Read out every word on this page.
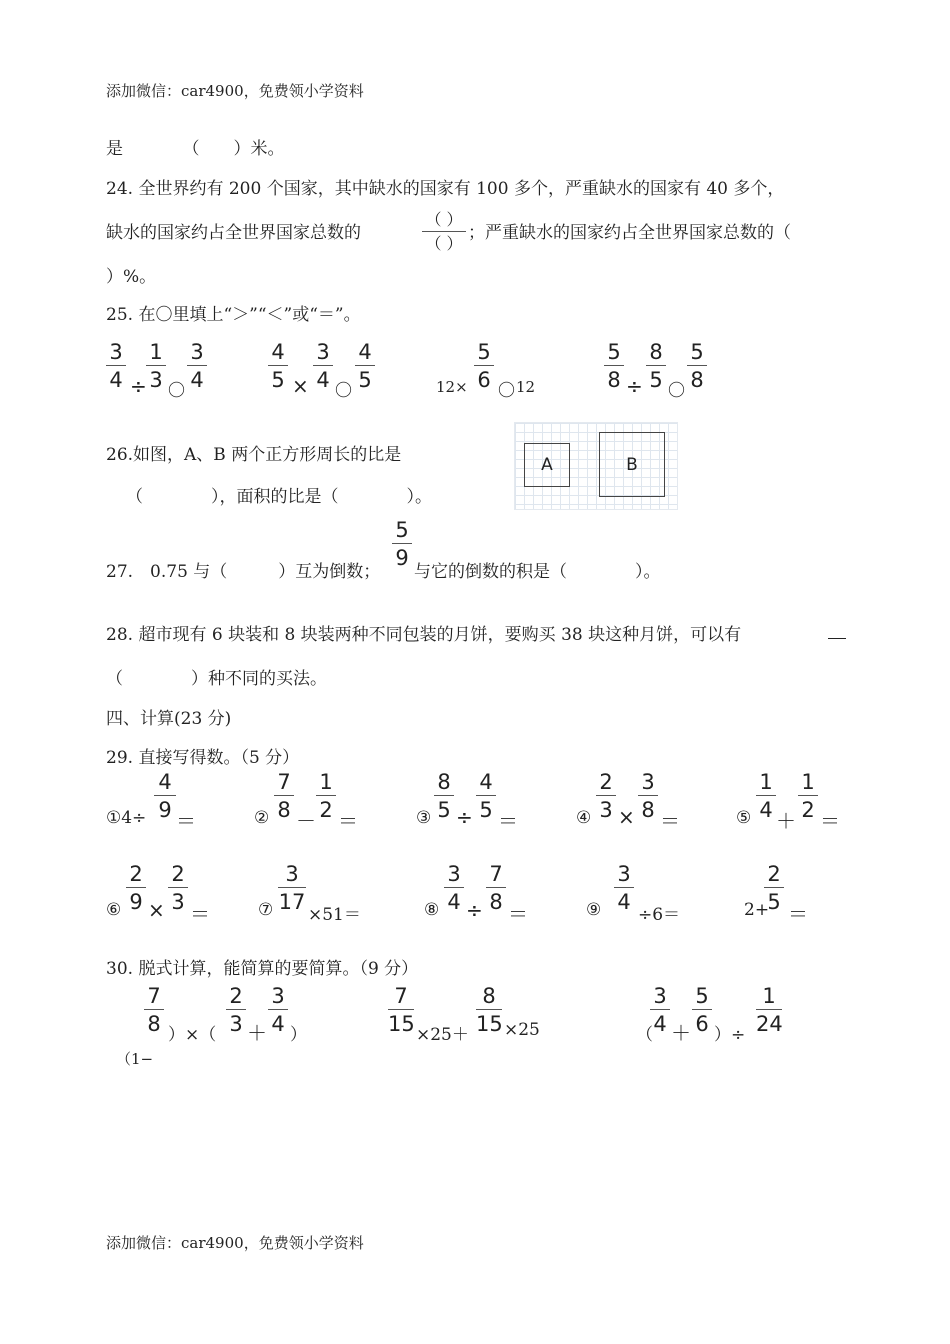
添加微信：car4900，免费领小学资料
是　　　　（　　）米。
24. 全世界约有 200 个国家，其中缺水的国家有 100 多个，严重缺水的国家有 40 多个，
缺水的国家约占全世界国家总数的
（ ）
（ ）
；严重缺水的国家约占全世界国家总数的（
）%。
25. 在〇里填上“＞”“＜”或“＝”。
3
4 ÷
1
3 〇
3
4
4
5 ×
3
4 〇
4
5	12×
5
6 〇 12
5
8 ÷
8
5 〇
5
8
26.如图，A、B 两个正方形周长的比是
（　　　　），面积的比是（　　　　）。
A	B
27.　0.75 与（　　　）互为倒数；
5
9
与它的倒数的积是（　　　　）。
28. 超市现有 6 块装和 8 块装两种不同包装的月饼，要购买 38 块这种月饼，可以有
（　　　　）种不同的买法。
四、计算(23 分)
29. 直接写得数。（5 分）
①4÷
4
9 ＝	②
7
8 －
1
2 ＝	③
8
5 ÷
4
5 ＝	④
2
3 ×
3
8 ＝	⑤
1
4 ＋
1
2 ＝
⑥
2
9 ×
2
3 ＝	⑦
3
17
×51＝	⑧
3
4 ÷
7
8 ＝	⑨
3
4
÷6＝	2+
2
5 ＝
30. 脱式计算，能简算的要简算。（9 分）
7
8 ）×（
2
3 ＋
3
4 ）
（1−
7
15 ×25＋
8
15 ×25	（
3
4 ＋
5
6 ）÷
1
24
添加微信：car4900，免费领小学资料
